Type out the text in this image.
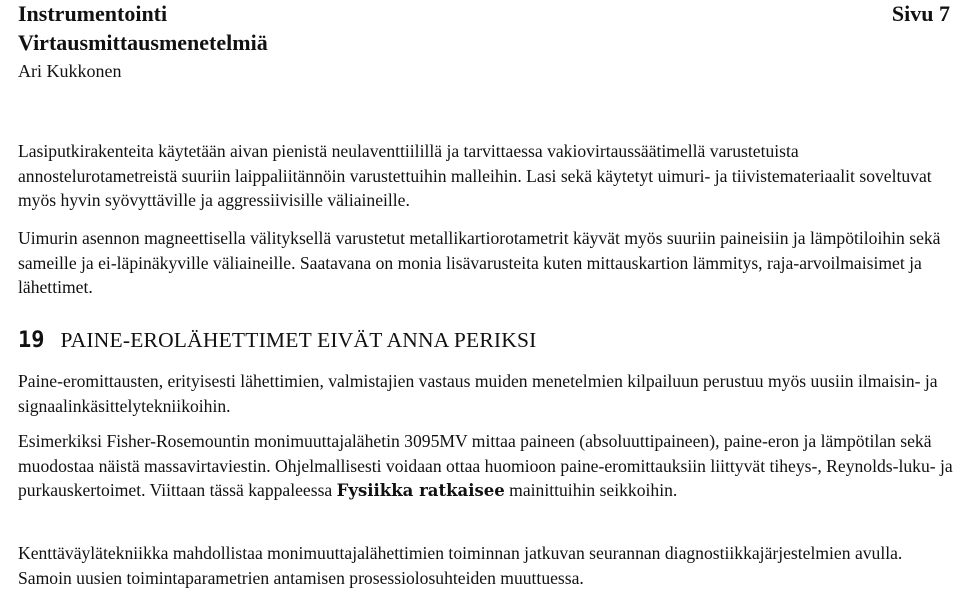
Instrumentointi	Sivu 7
Virtausmittausmenetelmiä
Ari Kukkonen

Lasiputkirakenteita käytetään aivan pienistä neulaventtiilillä ja tarvittaessa vakiovirtaussäätimellä varustetuista annostelurotametreistä suuriin laippaliitännöin varustettuihin malleihin. Lasi sekä käytetyt uimuri- ja tiivistemateriaalit soveltuvat myös hyvin syövyttäville ja aggressiivisille väliaineille.

Uimurin asennon magneettisella välityksellä varustetut metallikartiorotametrit käyvät myös suuriin paineisiin ja lämpötiloihin sekä sameille ja ei-läpinäkyville väliaineille. Saatavana on monia lisävarusteita kuten mittauskartion lämmitys, raja-arvoilmaisimet ja lähettimet.

19 PAINE-EROLÄHETTIMET EIVÄT ANNA PERIKSI

Paine-eromittausten, erityisesti lähettimien, valmistajien vastaus muiden menetelmien kilpailuun perustuu myös uusiin ilmaisin- ja signaalinkäsittelytekniikoihin.

Esimerkiksi Fisher-Rosemountin monimuuttajalähetin 3095MV mittaa paineen (absoluuttipaineen), paine-eron ja lämpötilan sekä muodostaa näistä massavirtaviestin. Ohjelmallisesti voidaan ottaa huomioon paine-eromittauksiin liittyvät tiheys-, Reynolds-luku- ja purkauskertoimet. Viittaan tässä kappaleessa Fysiikka ratkaisee mainittuihin seikkoihin.

Kenttäväylätekniikka mahdollistaa monimuuttajalähettimien toiminnan jatkuvan seurannan diagnostiikkajärjestelmien avulla. Samoin uusien toimintaparametrien antamisen prosessiolosuhteiden muuttuessa.
